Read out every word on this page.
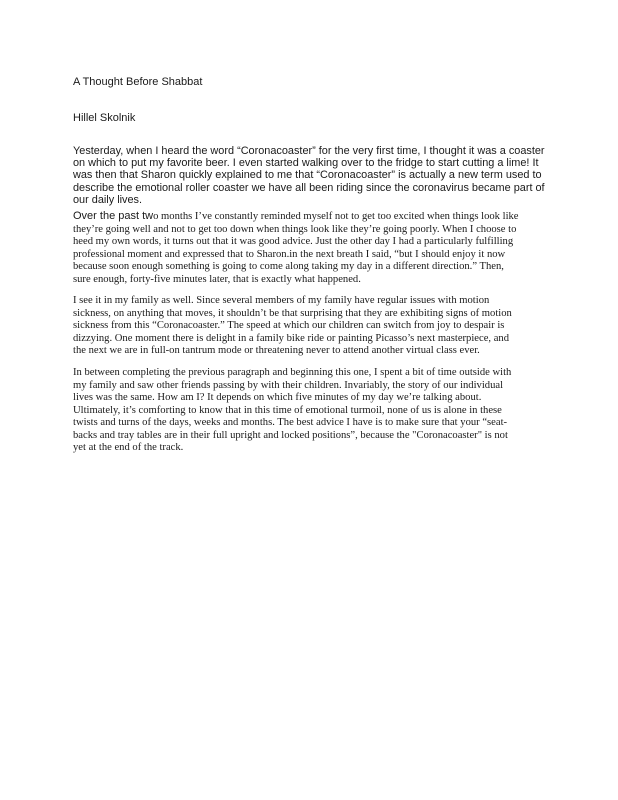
A Thought Before Shabbat
Hillel Skolnik

Yesterday, when I heard the word “Coronacoaster” for the very first time, I thought it was a coaster
on which to put my favorite beer. I even started walking over to the fridge to start cutting a lime! It
was then that Sharon quickly explained to me that “Coronacoaster” is actually a new term used to
describe the emotional roller coaster we have all been riding since the coronavirus became part of
our daily lives.

Over the past two months I’ve constantly reminded myself not to get too excited when things look like
they’re going well and not to get too down when things look like they’re going poorly. When I choose to
heed my own words, it turns out that it was good advice. Just the other day I had a particularly fulfilling
professional moment and expressed that to Sharon.in the next breath I said, “but I should enjoy it now
because soon enough something is going to come along taking my day in a different direction.” Then,
sure enough, forty-five minutes later, that is exactly what happened.

I see it in my family as well. Since several members of my family have regular issues with motion
sickness, on anything that moves, it shouldn’t be that surprising that they are exhibiting signs of motion
sickness from this “Coronacoaster.” The speed at which our children can switch from joy to despair is
dizzying. One moment there is delight in a family bike ride or painting Picasso’s next masterpiece, and
the next we are in full-on tantrum mode or threatening never to attend another virtual class ever.

In between completing the previous paragraph and beginning this one, I spent a bit of time outside with
my family and saw other friends passing by with their children. Invariably, the story of our individual
lives was the same. How am I? It depends on which five minutes of my day we’re talking about.
Ultimately, it’s comforting to know that in this time of emotional turmoil, none of us is alone in these
twists and turns of the days, weeks and months. The best advice I have is to make sure that your “seat-
backs and tray tables are in their full upright and locked positions”, because the "Coronacoaster" is not
yet at the end of the track.
